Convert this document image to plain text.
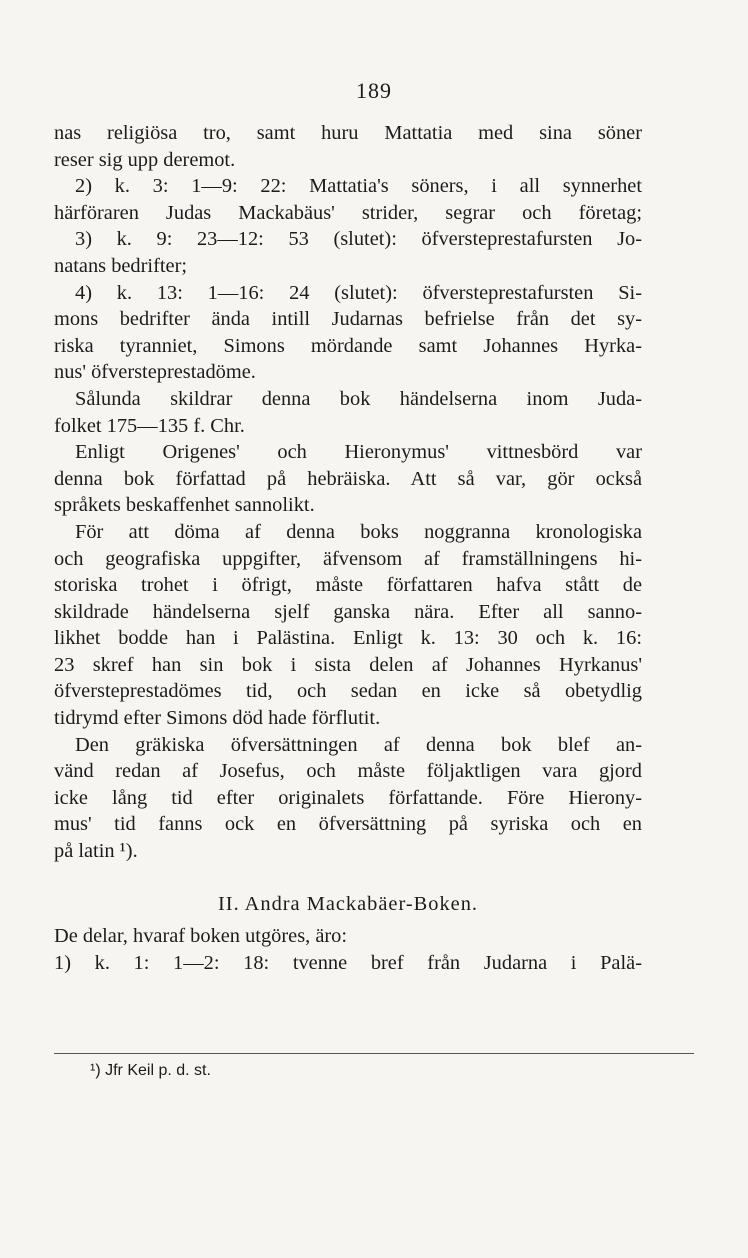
189
nas religiösa tro, samt huru Mattatia med sina söner
reser sig upp deremot.
2) k. 3: 1—9: 22: Mattatia's söners, i all synnerhet
härföraren Judas Mackabäus' strider, segrar och företag;
3) k. 9: 23—12: 53 (slutet): öfversteprestafursten Jo-
natans bedrifter;
4) k. 13: 1—16: 24 (slutet): öfversteprestafursten Si-
mons bedrifter ända intill Judarnas befrielse från det sy-
riska tyranniet, Simons mördande samt Johannes Hyrka-
nus' öfversteprestadöme.
Sålunda skildrar denna bok händelserna inom Juda-
folket 175—135 f. Chr.
Enligt Origenes' och Hieronymus' vittnesbörd var
denna bok författad på hebräiska. Att så var, gör också
språkets beskaffenhet sannolikt.
För att döma af denna boks noggranna kronologiska
och geografiska uppgifter, äfvensom af framställningens hi-
storiska trohet i öfrigt, måste författaren hafva stått de
skildrade händelserna sjelf ganska nära. Efter all sanno-
likhet bodde han i Palästina. Enligt k. 13: 30 och k. 16:
23 skref han sin bok i sista delen af Johannes Hyrkanus'
öfversteprestadömes tid, och sedan en icke så obetydlig
tidrymd efter Simons död hade förflutit.
Den gräkiska öfversättningen af denna bok blef an-
vänd redan af Josefus, och måste följaktligen vara gjord
icke lång tid efter originalets författande. Före Hierony-
mus' tid fanns ock en öfversättning på syriska och en
på latin ¹).
II. Andra Mackabäer-Boken.
De delar, hvaraf boken utgöres, äro:
1) k. 1: 1—2: 18: tvenne bref från Judarna i Palä-
¹) Jfr Keil p. d. st.
